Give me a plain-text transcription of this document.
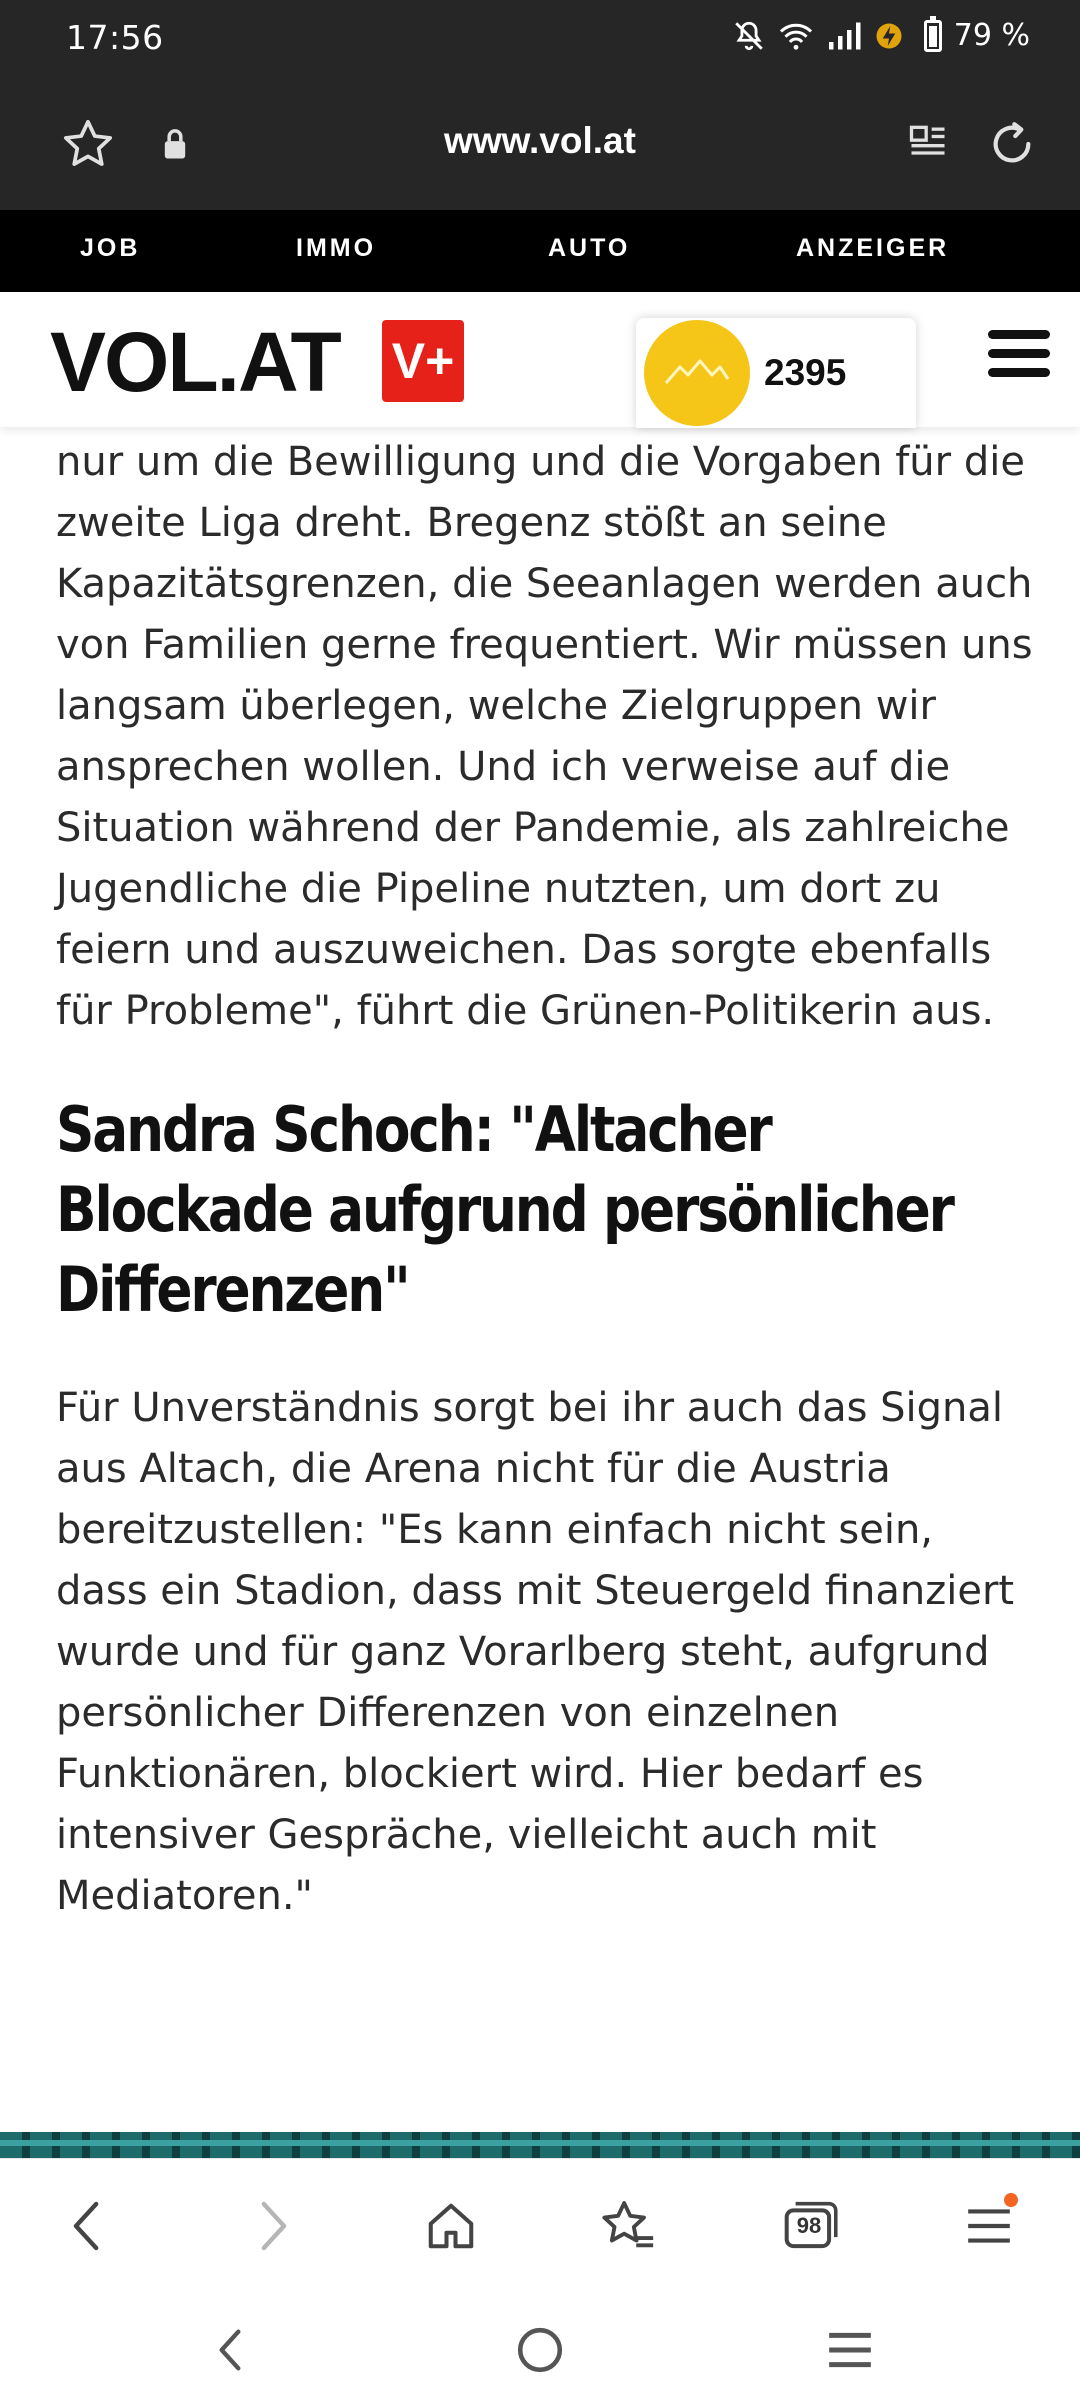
17:56	79 %
www.vol.at
JOB	IMMO	AUTO	ANZEIGER
VOL.AT V+	2395

nur um die Bewilligung und die Vorgaben für die zweite Liga dreht. Bregenz stößt an seine Kapazitätsgrenzen, die Seeanlagen werden auch von Familien gerne frequentiert. Wir müssen uns langsam überlegen, welche Zielgruppen wir ansprechen wollen. Und ich verweise auf die Situation während der Pandemie, als zahlreiche Jugendliche die Pipeline nutzten, um dort zu feiern und auszuweichen. Das sorgte ebenfalls für Probleme", führt die Grünen-Politikerin aus.

Sandra Schoch: "Altacher Blockade aufgrund persönlicher Differenzen"

Für Unverständnis sorgt bei ihr auch das Signal aus Altach, die Arena nicht für die Austria bereitzustellen: "Es kann einfach nicht sein, dass ein Stadion, dass mit Steuergeld finanziert wurde und für ganz Vorarlberg steht, aufgrund persönlicher Differenzen von einzelnen Funktionären, blockiert wird. Hier bedarf es intensiver Gespräche, vielleicht auch mit Mediatoren."

98
